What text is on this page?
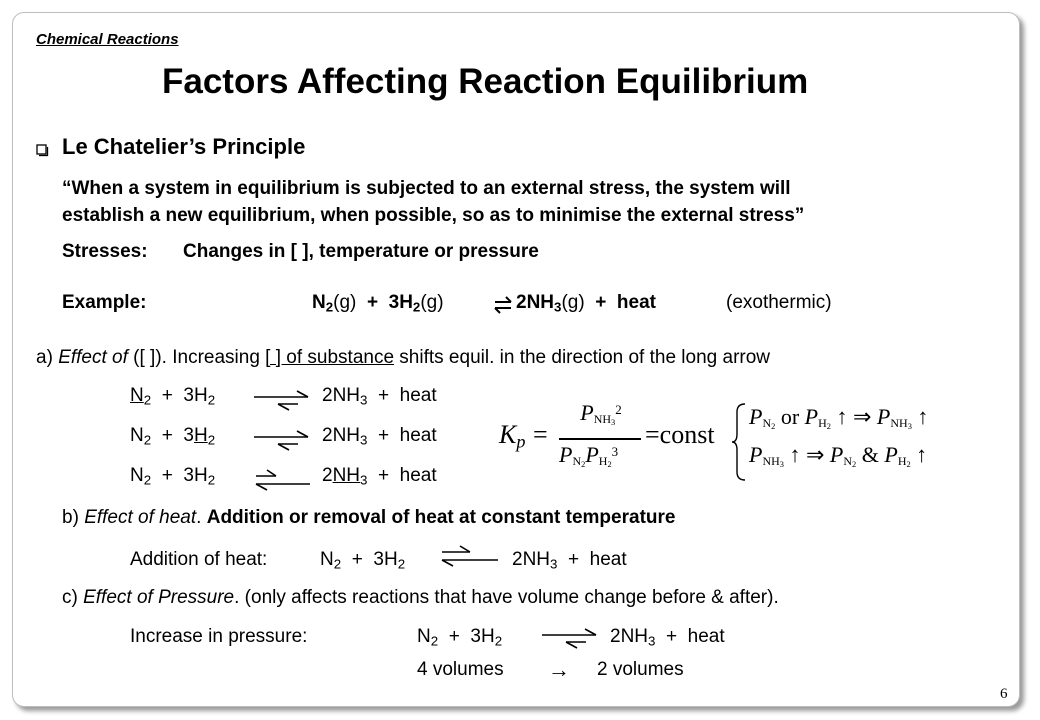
Chemical Reactions
Factors Affecting Reaction Equilibrium
Le Chatelier’s Principle
“When a system in equilibrium is subjected to an external stress, the system will
establish a new equilibrium, when possible, so as to minimise the external stress”
Stresses: Changes in [ ], temperature or pressure
Example:	$N_2(g) + 3H_2(g)$	⇌ $2NH_3(g)$ + heat	(exothermic)
a) Effect of ([ ]). Increasing [ ] of substance shifts equil. in the direction of the long arrow
$N_2 + 3H_2 \to 2NH_3$ + heat
$N_2 + 3H_2 \to 2NH_3$ + heat
$N_2 + 3H_2$	$2NH_3$ + heat
$K_p$ =
$P_{NH_3}^2$
$P_{N_2}P_{H_2}^3$
=const
$P_{N_2}$ or $P_{H_2}$ ↑ ⇒ $P_{NH_3}$ ↑
$P_{NH_3}$ ↑ ⇒ $P_{N_2}$ & $P_{H_2}$ ↑
b) Effect of heat. Addition or removal of heat at constant temperature
Addition of heat:	$N_2 + 3H_2$	$2NH_3$ + heat
c) Effect of Pressure. (only affects reactions that have volume change before & after).
Increase in pressure:	$N_2 + 3H_2 \to 2NH_3$ + heat
4 volumes → 2 volumes
6
